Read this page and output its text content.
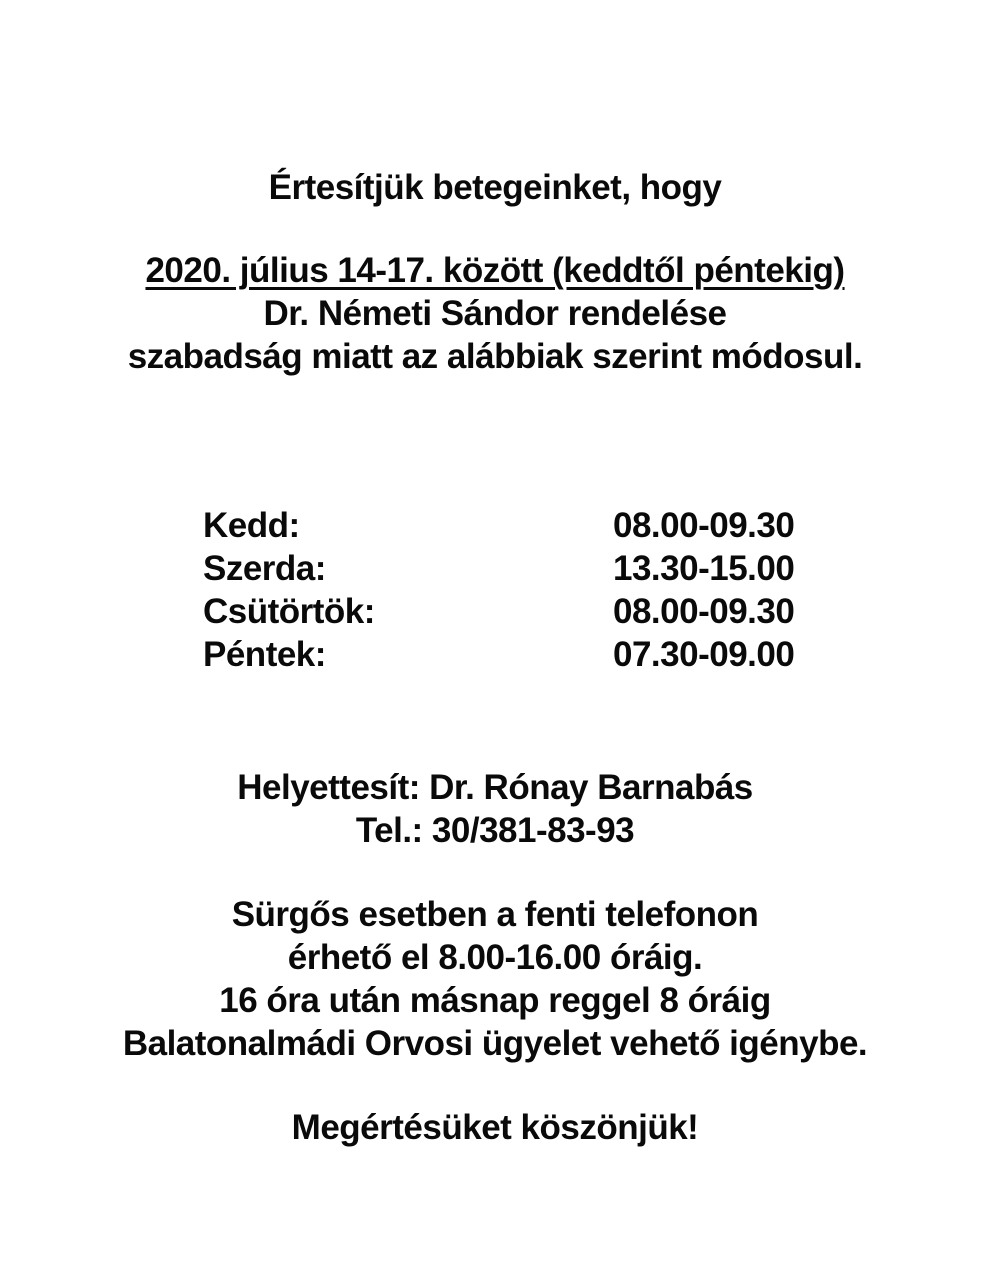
Értesítjük betegeinket, hogy

2020. július 14-17. között (keddtől péntekig)

Dr. Németi Sándor rendelése

szabadság miatt az alábbiak szerint módosul.

Kedd:	08.00-09.30
Szerda:	13.30-15.00
Csütörtök:	08.00-09.30
Péntek:	07.30-09.00

Helyettesít: Dr. Rónay Barnabás

Tel.: 30/381-83-93

Sürgős esetben a fenti telefonon

érhető el 8.00-16.00 óráig.

16 óra után másnap reggel 8 óráig

Balatonalmádi Orvosi ügyelet vehető igénybe.

Megértésüket köszönjük!
